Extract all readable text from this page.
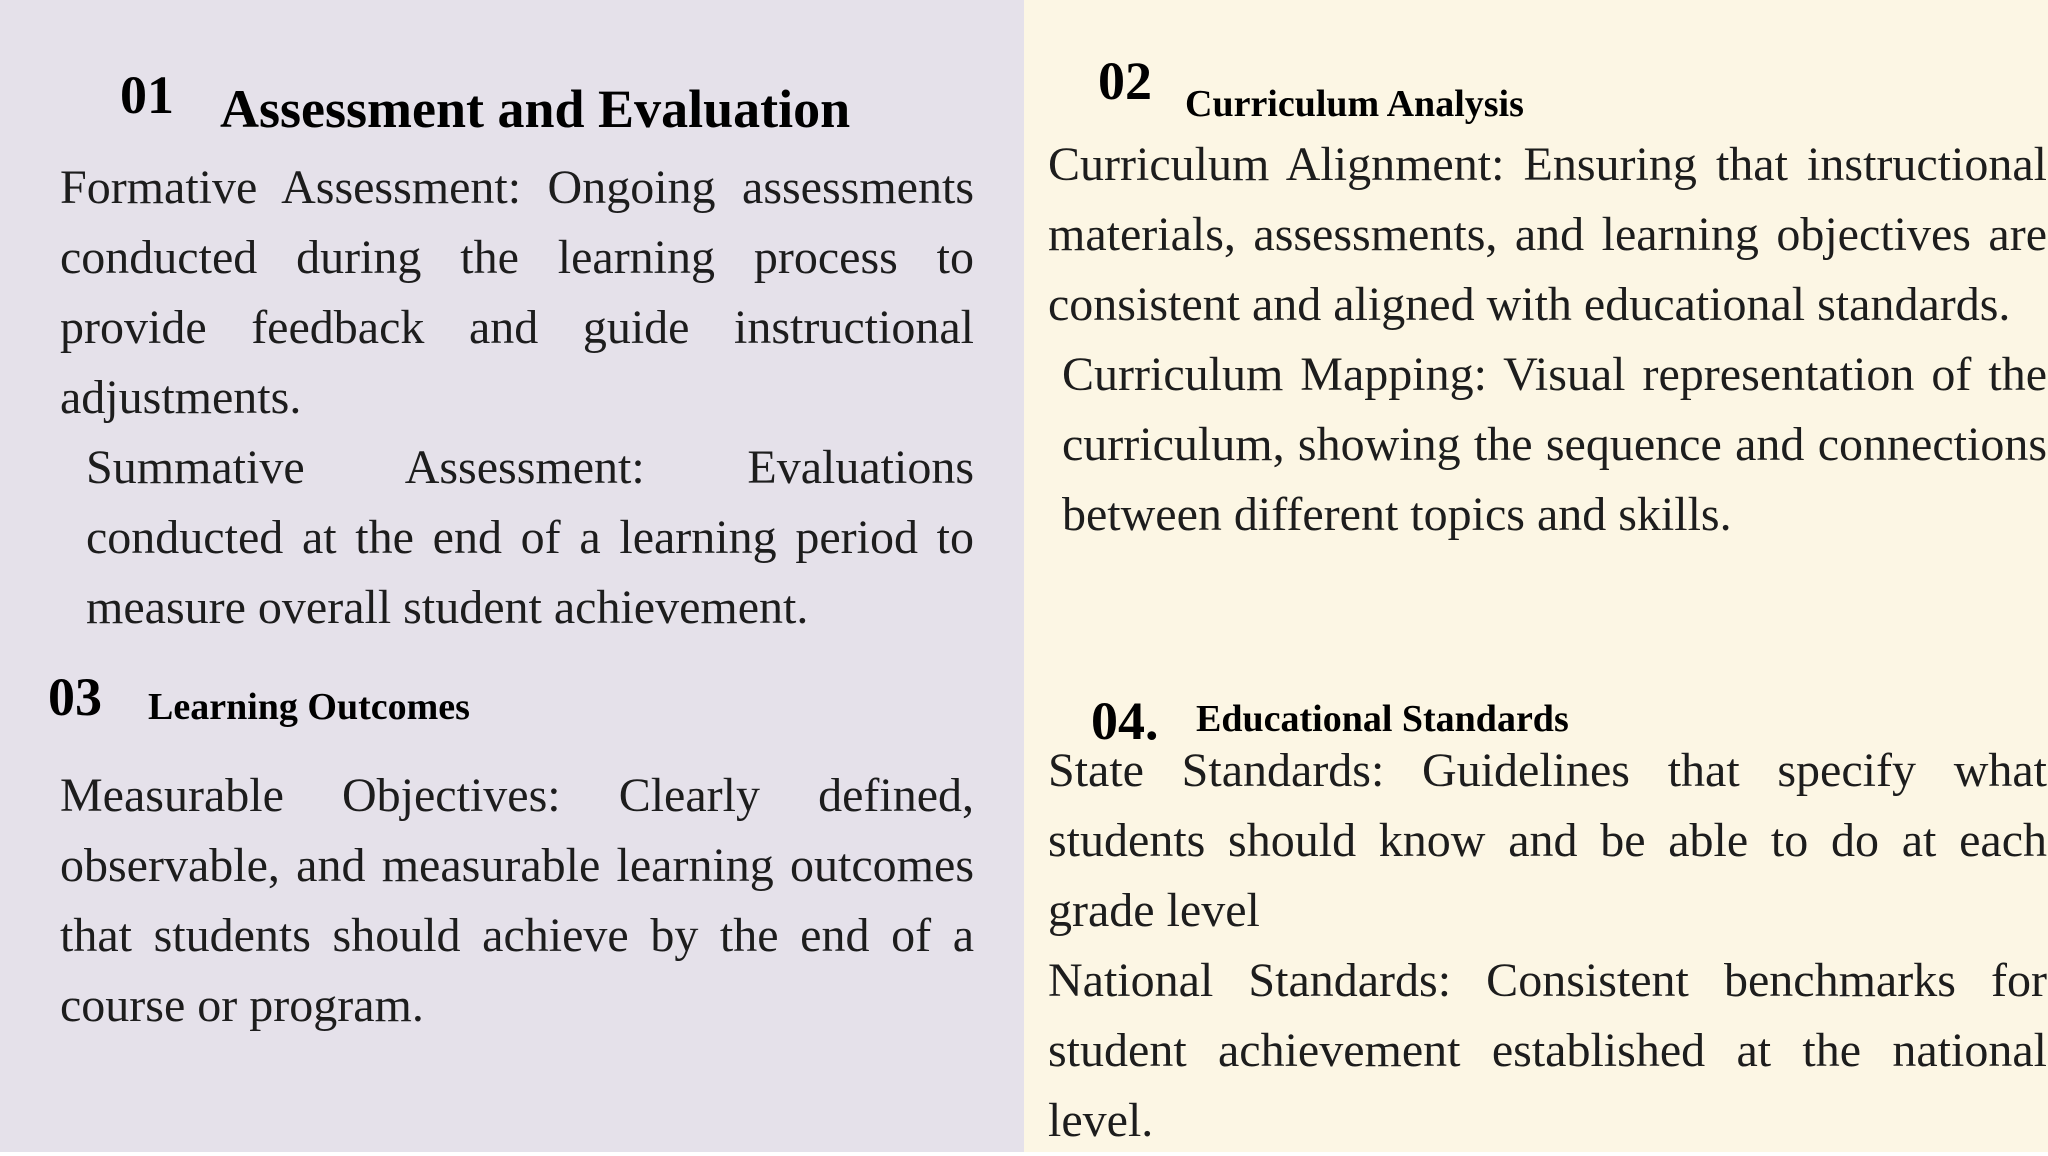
01 Assessment and Evaluation
Formative Assessment: Ongoing assessments conducted during the learning process to provide feedback and guide instructional adjustments.
Summative Assessment: Evaluations conducted at the end of a learning period to measure overall student achievement.
03 Learning Outcomes
Measurable Objectives: Clearly defined, observable, and measurable learning outcomes that students should achieve by the end of a course or program.
02 Curriculum Analysis
Curriculum Alignment: Ensuring that instructional materials, assessments, and learning objectives are consistent and aligned with educational standards.
Curriculum Mapping: Visual representation of the curriculum, showing the sequence and connections between different topics and skills.
04. Educational Standards
State Standards: Guidelines that specify what students should know and be able to do at each grade level
National Standards: Consistent benchmarks for student achievement established at the national level.
